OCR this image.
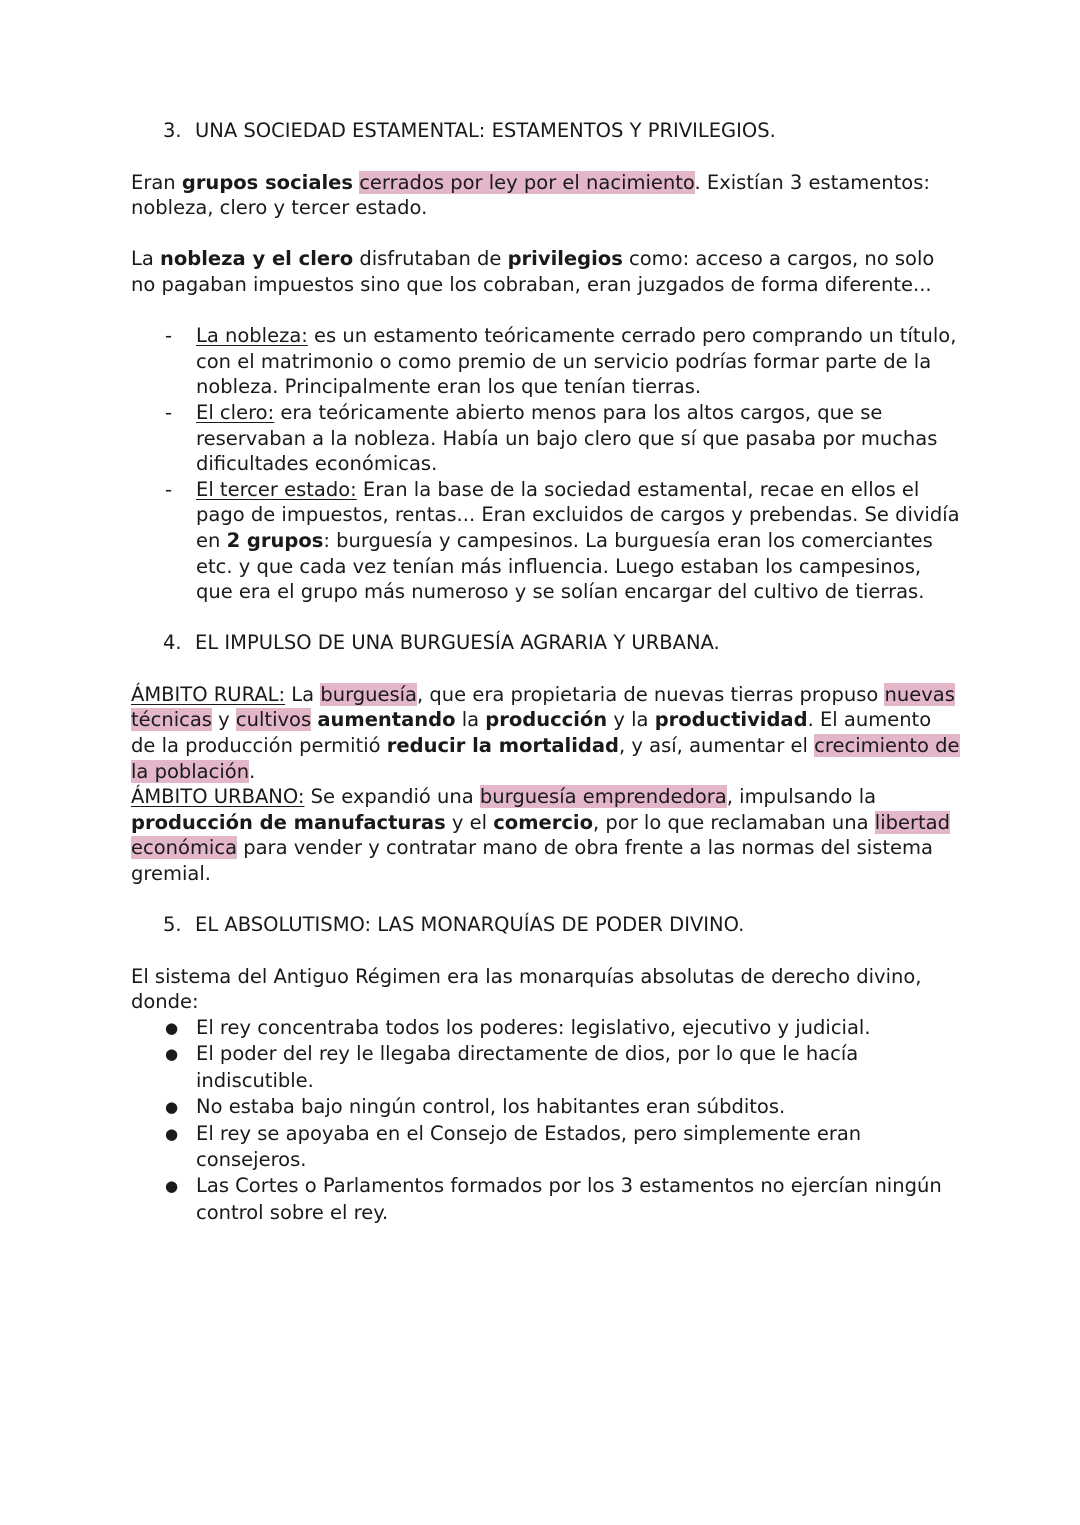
3. UNA SOCIEDAD ESTAMENTAL: ESTAMENTOS Y PRIVILEGIOS.

Eran grupos sociales cerrados por ley por el nacimiento. Existían 3 estamentos: nobleza, clero y tercer estado.

La nobleza y el clero disfrutaban de privilegios como: acceso a cargos, no solo no pagaban impuestos sino que los cobraban, eran juzgados de forma diferente...

- La nobleza: es un estamento teóricamente cerrado pero comprando un título, con el matrimonio o como premio de un servicio podrías formar parte de la nobleza. Principalmente eran los que tenían tierras.
- El clero: era teóricamente abierto menos para los altos cargos, que se reservaban a la nobleza. Había un bajo clero que sí que pasaba por muchas dificultades económicas.
- El tercer estado: Eran la base de la sociedad estamental, recae en ellos el pago de impuestos, rentas... Eran excluidos de cargos y prebendas. Se dividía en 2 grupos: burguesía y campesinos. La burguesía eran los comerciantes etc. y que cada vez tenían más influencia. Luego estaban los campesinos, que era el grupo más numeroso y se solían encargar del cultivo de tierras.
4. EL IMPULSO DE UNA BURGUESÍA AGRARIA Y URBANA.

ÁMBITO RURAL: La burguesía, que era propietaria de nuevas tierras propuso nuevas técnicas y cultivos aumentando la producción y la productividad. El aumento de la producción permitió reducir la mortalidad, y así, aumentar el crecimiento de la población.

ÁMBITO URBANO: Se expandió una burguesía emprendedora, impulsando la producción de manufacturas y el comercio, por lo que reclamaban una libertad económica para vender y contratar mano de obra frente a las normas del sistema gremial.

5. EL ABSOLUTISMO: LAS MONARQUÍAS DE PODER DIVINO.

El sistema del Antiguo Régimen era las monarquías absolutas de derecho divino, donde:

● El rey concentraba todos los poderes: legislativo, ejecutivo y judicial.
● El poder del rey le llegaba directamente de dios, por lo que le hacía indiscutible.
● No estaba bajo ningún control, los habitantes eran súbditos.
● El rey se apoyaba en el Consejo de Estados, pero simplemente eran consejeros.
● Las Cortes o Parlamentos formados por los 3 estamentos no ejercían ningún control sobre el rey.
